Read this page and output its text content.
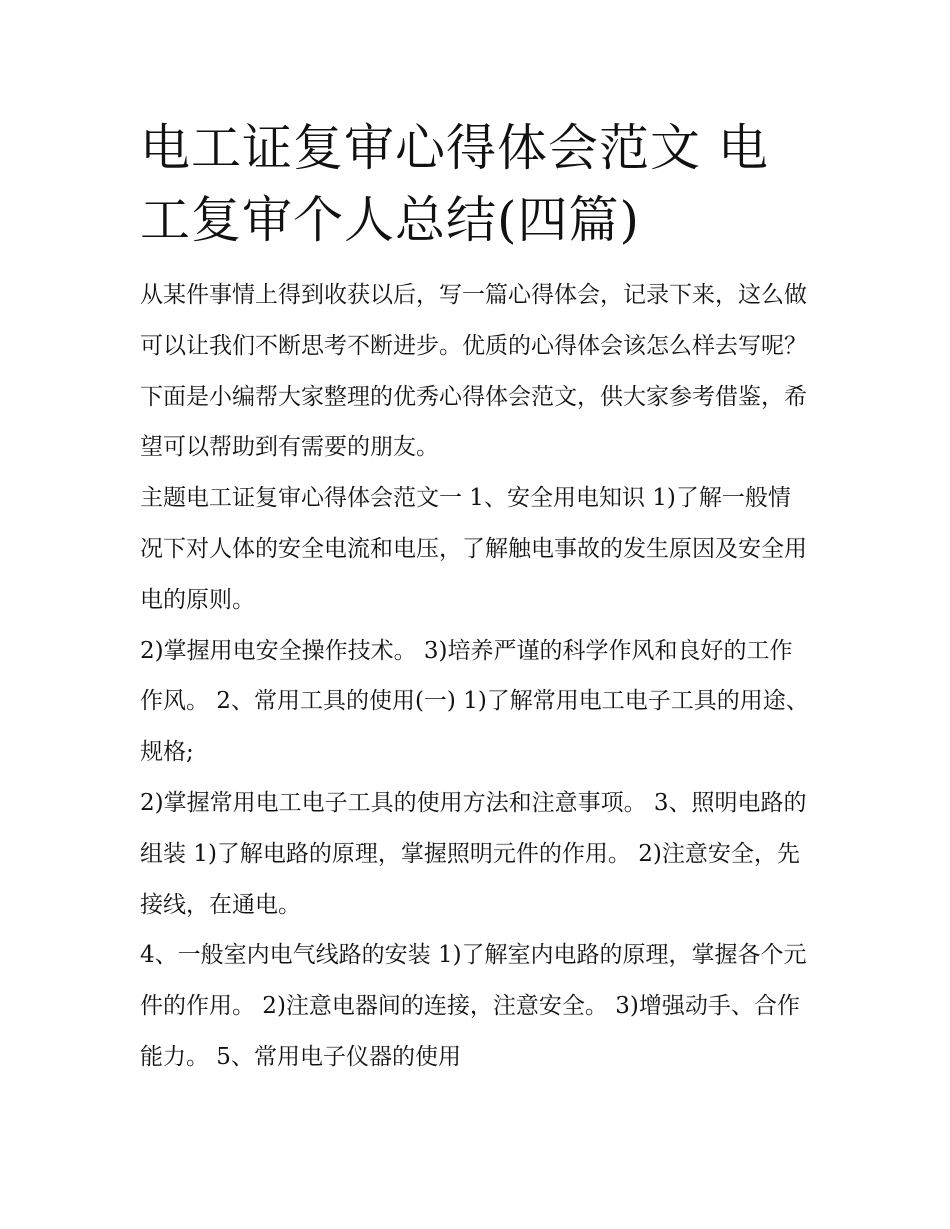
电工证复审心得体会范文 电工复审个人总结(四篇)

从某件事情上得到收获以后，写一篇心得体会，记录下来，这么做可以让我们不断思考不断进步。优质的心得体会该怎么样去写呢？下面是小编帮大家整理的优秀心得体会范文，供大家参考借鉴，希望可以帮助到有需要的朋友。

主题电工证复审心得体会范文一 1、安全用电知识 1)了解一般情况下对人体的安全电流和电压，了解触电事故的发生原因及安全用电的原则。

2)掌握用电安全操作技术。 3)培养严谨的科学作风和良好的工作作风。 2、常用工具的使用(一) 1)了解常用电工电子工具的用途、规格;

2)掌握常用电工电子工具的使用方法和注意事项。 3、照明电路的组装 1)了解电路的原理，掌握照明元件的作用。 2)注意安全，先接线，在通电。

4、一般室内电气线路的安装 1)了解室内电路的原理，掌握各个元件的作用。 2)注意电器间的连接，注意安全。 3)增强动手、合作能力。 5、常用电子仪器的使用
